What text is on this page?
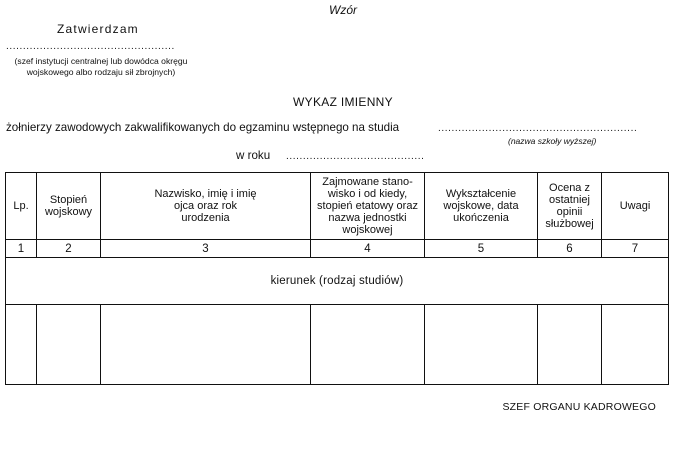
Wzór
Zatwierdzam
..................................................
(szef instytucji centralnej lub dowódca okręgu wojskowego albo rodzaju sił zbrojnych)
WYKAZ IMIENNY
żołnierzy zawodowych zakwalifikowanych do egzaminu wstępnego na studia	...........................................................
(nazwa szkoły wyższej)
w roku .........................................
Lp.	Stopień wojskowy	Nazwisko, imię i imię ojca oraz rok urodzenia	Zajmowane stano-wisko i od kiedy, stopień etatowy oraz nazwa jednostki wojskowej	Wykształcenie wojskowe, data ukończenia	Ocena z ostatniej opinii służbowej	Uwagi

1	2	3	4	5	6	7
kierunek (rodzaj studiów)						

SZEF ORGANU KADROWEGO
